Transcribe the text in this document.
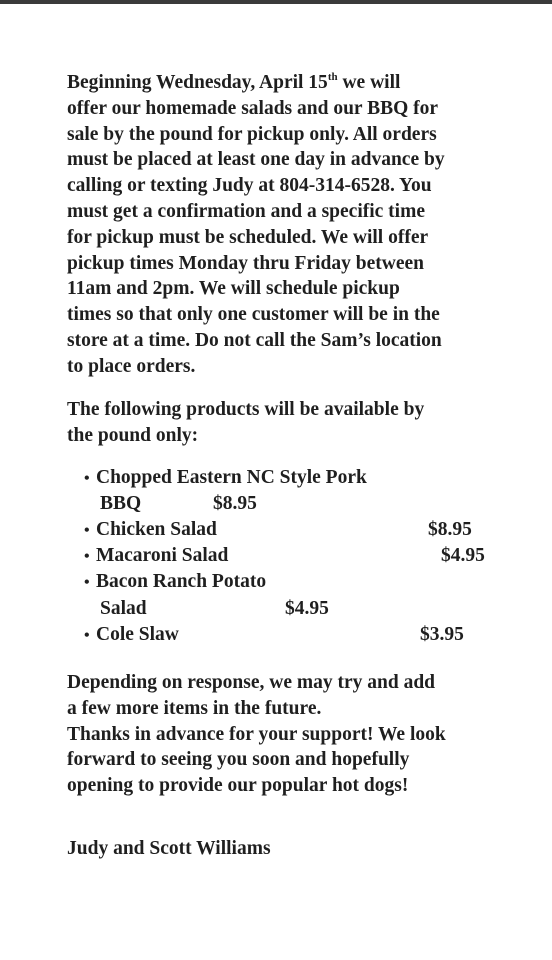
Beginning Wednesday, April 15th we will
offer our homemade salads and our BBQ for
sale by the pound for pickup only. All orders
must be placed at least one day in advance by
calling or texting Judy at 804-314-6528. You
must get a confirmation and a specific time
for pickup must be scheduled. We will offer
pickup times Monday thru Friday between
11am and 2pm. We will schedule pickup
times so that only one customer will be in the
store at a time. Do not call the Sam’s location
to place orders.
The following products will be available by
the pound only:
• Chopped Eastern NC Style Pork
BBQ	$8.95
• Chicken Salad	$8.95
• Macaroni Salad	$4.95
• Bacon Ranch Potato
Salad	$4.95
• Cole Slaw	$3.95
Depending on response, we may try and add
a few more items in the future.
Thanks in advance for your support! We look
forward to seeing you soon and hopefully
opening to provide our popular hot dogs!
Judy and Scott Williams
